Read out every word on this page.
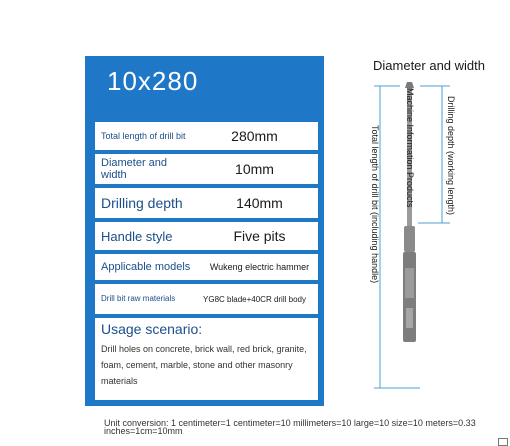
10x280
Total length of drill bit	280mm
Diameter and width	10mm
Drilling depth	140mm
Handle style	Five pits
Applicable models	Wukeng electric hammer
Drill bit raw materials	YG8C blade+40CR drill body
Usage scenario:
Drill holes on concrete, brick wall, red brick, granite, foam, cement, marble, stone and other masonry materials
Unit conversion: 1 centimeter=1 centimeter=10 millimeters=10 large=10 size=10 meters=0.33 inches=1cm=10mm
Diameter and width
Machine Information Products	Drilling depth (working length)
Total length of drill bit (including handle)
